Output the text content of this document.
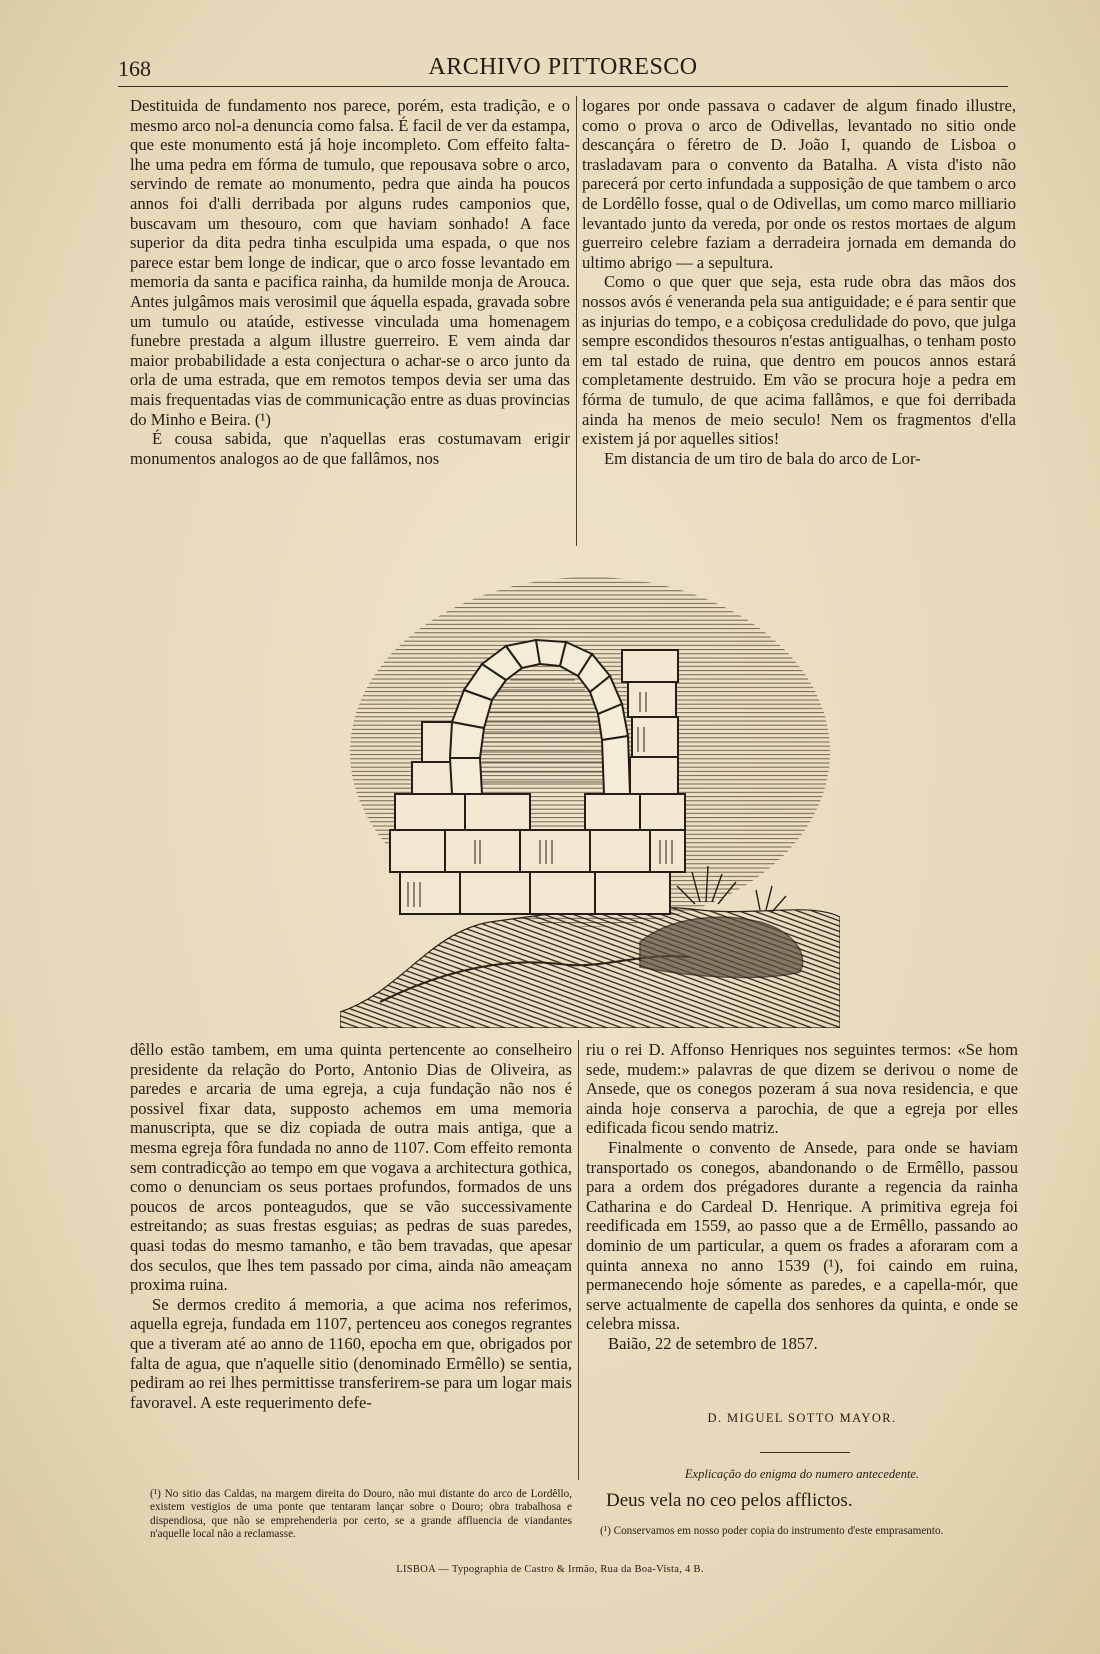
168	ARCHIVO PITTORESCO

Destituida de fundamento nos parece, porém, esta tradição, e o mesmo arco nol-a denuncia como falsa. É facil de ver da estampa, que este monumento está já hoje incompleto. Com effeito falta-lhe uma pedra em fórma de tumulo, que repousava sobre o arco, servindo de remate ao monumento, pedra que ainda ha poucos annos foi d'alli derribada por alguns rudes camponios que, buscavam um thesouro, com que haviam sonhado! A face superior da dita pedra tinha esculpida uma espada, o que nos parece estar bem longe de indicar, que o arco fosse levantado em memoria da santa e pacifica rainha, da humilde monja de Arouca. Antes julgâmos mais verosimil que áquella espada, gravada sobre um tumulo ou ataúde, estivesse vinculada uma homenagem funebre prestada a algum illustre guerreiro. E vem ainda dar maior probabilidade a esta conjectura o achar-se o arco junto da orla de uma estrada, que em remotos tempos devia ser uma das mais frequentadas vias de communicação entre as duas provincias do Minho e Beira. (¹)

É cousa sabida, que n'aquellas eras costumavam erigir monumentos analogos ao de que fallâmos, nos

logares por onde passava o cadaver de algum finado illustre, como o prova o arco de Odivellas, levantado no sitio onde descançára o féretro de D. João I, quando de Lisboa o trasladavam para o convento da Batalha. A vista d'isto não parecerá por certo infundada a supposição de que tambem o arco de Lordêllo fosse, qual o de Odivellas, um como marco milliario levantado junto da vereda, por onde os restos mortaes de algum guerreiro celebre faziam a derradeira jornada em demanda do ultimo abrigo — a sepultura.

Como o que quer que seja, esta rude obra das mãos dos nossos avós é veneranda pela sua antiguidade; e é para sentir que as injurias do tempo, e a cobiçosa credulidade do povo, que julga sempre escondidos thesouros n'estas antigualhas, o tenham posto em tal estado de ruina, que dentro em poucos annos estará completamente destruido. Em vão se procura hoje a pedra em fórma de tumulo, de que acima fallâmos, e que foi derribada ainda ha menos de meio seculo! Nem os fragmentos d'ella existem já por aquelles sitios!

Em distancia de um tiro de bala do arco de Lor-

dêllo estão tambem, em uma quinta pertencente ao conselheiro presidente da relação do Porto, Antonio Dias de Oliveira, as paredes e arcaria de uma egreja, a cuja fundação não nos é possivel fixar data, supposto achemos em uma memoria manuscripta, que se diz copiada de outra mais antiga, que a mesma egreja fôra fundada no anno de 1107. Com effeito remonta sem contradicção ao tempo em que vogava a architectura gothica, como o denunciam os seus portaes profundos, formados de uns poucos de arcos ponteagudos, que se vão successivamente estreitando; as suas frestas esguias; as pedras de suas paredes, quasi todas do mesmo tamanho, e tão bem travadas, que apesar dos seculos, que lhes tem passado por cima, ainda não ameaçam proxima ruina.

Se dermos credito á memoria, a que acima nos referimos, aquella egreja, fundada em 1107, pertenceu aos conegos regrantes que a tiveram até ao anno de 1160, epocha em que, obrigados por falta de agua, que n'aquelle sitio (denominado Ermêllo) se sentia, pediram ao rei lhes permittisse transferirem-se para um logar mais favoravel. A este requerimento defe-

riu o rei D. Affonso Henriques nos seguintes termos: «Se hom sede, mudem:» palavras de que dizem se derivou o nome de Ansede, que os conegos pozeram á sua nova residencia, e que ainda hoje conserva a parochia, de que a egreja por elles edificada ficou sendo matriz.

Finalmente o convento de Ansede, para onde se haviam transportado os conegos, abandonando o de Ermêllo, passou para a ordem dos prégadores durante a regencia da rainha Catharina e do Cardeal D. Henrique. A primitiva egreja foi reedificada em 1559, ao passo que a de Ermêllo, passando ao dominio de um particular, a quem os frades a aforaram com a quinta annexa no anno 1539 (¹), foi caindo em ruina, permanecendo hoje sómente as paredes, e a capella-mór, que serve actualmente de capella dos senhores da quinta, e onde se celebra missa.

Baião, 22 de setembro de 1857.

D. MIGUEL SOTTO MAYOR.
Explicação do enigma do numero antecedente.
Deus vela no ceo pelos afflictos.
(¹) No sitio das Caldas, na margem direita do Douro, não mui distante do arco de Lordêllo, existem vestigios de uma ponte que tentaram lançar sobre o Douro; obra trabalhosa e dispendiosa, que não se emprehenderia por certo, se a grande affluencia de viandantes n'aquelle local não a reclamasse.	(¹) Conservamos em nosso poder copia do instrumento d'este emprasamento.
LISBOA — Typographia de Castro & Irmão, Rua da Boa-Vista, 4 B.
